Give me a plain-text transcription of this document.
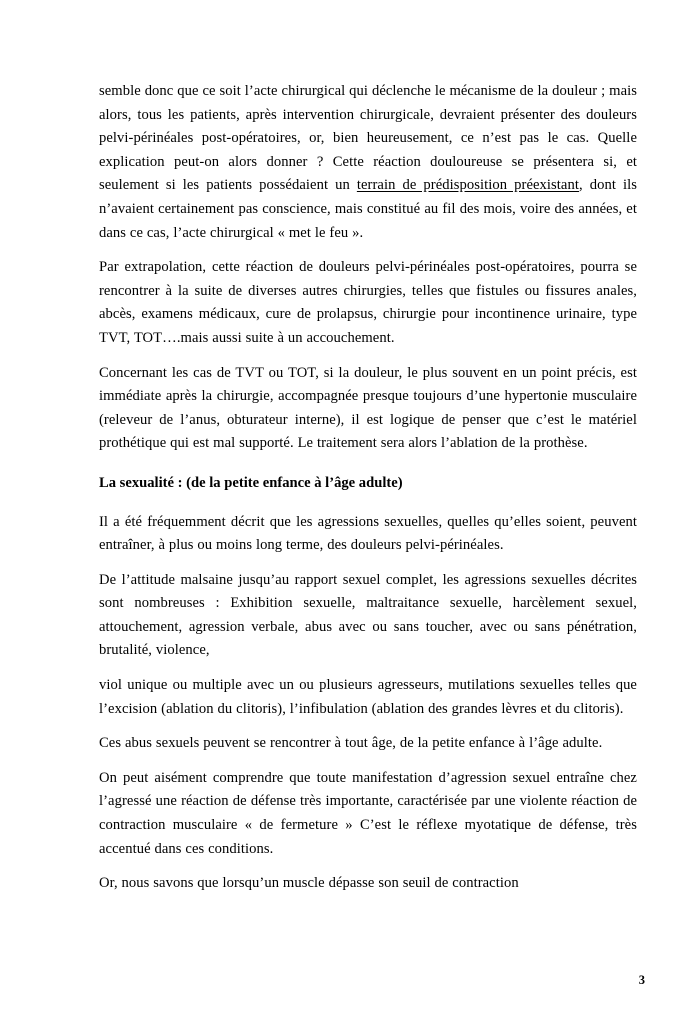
semble donc que ce soit l’acte chirurgical qui déclenche le mécanisme de la douleur ; mais alors, tous les patients, après intervention chirurgicale, devraient présenter des douleurs pelvi-périnéales post-opératoires, or, bien heureusement, ce n’est pas le cas. Quelle explication peut-on alors donner ? Cette réaction douloureuse se présentera si, et seulement si les patients possédaient un terrain de prédisposition préexistant, dont ils n’avaient certainement pas conscience, mais constitué au fil des mois, voire des années, et dans ce cas, l’acte chirurgical « met le feu ».

Par extrapolation, cette réaction de douleurs pelvi-périnéales post-opératoires, pourra se rencontrer à la suite de diverses autres chirurgies, telles que fistules ou fissures anales, abcès, examens médicaux, cure de prolapsus, chirurgie pour incontinence urinaire, type TVT, TOT….mais aussi suite à un accouchement.

Concernant les cas de TVT ou TOT, si la douleur, le plus souvent en un point précis, est immédiate après la chirurgie, accompagnée presque toujours d’une hypertonie musculaire (releveur de l’anus, obturateur interne), il est logique de penser que c’est le matériel prothétique qui est mal supporté. Le traitement sera alors l’ablation de la prothèse.

La sexualité : (de la petite enfance à l’âge adulte)

Il a été fréquemment décrit que les agressions sexuelles, quelles qu’elles soient, peuvent entraîner, à plus ou moins long terme, des douleurs pelvi-périnéales.

De l’attitude malsaine jusqu’au rapport sexuel complet, les agressions sexuelles décrites sont nombreuses : Exhibition sexuelle, maltraitance sexuelle, harcèlement sexuel, attouchement, agression verbale, abus avec ou sans toucher, avec ou sans pénétration, brutalité, violence,

viol unique ou multiple avec un ou plusieurs agresseurs, mutilations sexuelles telles que l’excision (ablation du clitoris), l’infibulation (ablation des grandes lèvres et du clitoris).

Ces abus sexuels peuvent se rencontrer à tout âge, de la petite enfance à l’âge adulte.

On peut aisément comprendre que toute manifestation d’agression sexuel entraîne chez l’agressé une réaction de défense très importante, caractérisée par une violente réaction de contraction musculaire « de fermeture » C’est le réflexe myotatique de défense, très accentué dans ces conditions.

Or, nous savons que lorsqu’un muscle dépasse son seuil de contraction

3
